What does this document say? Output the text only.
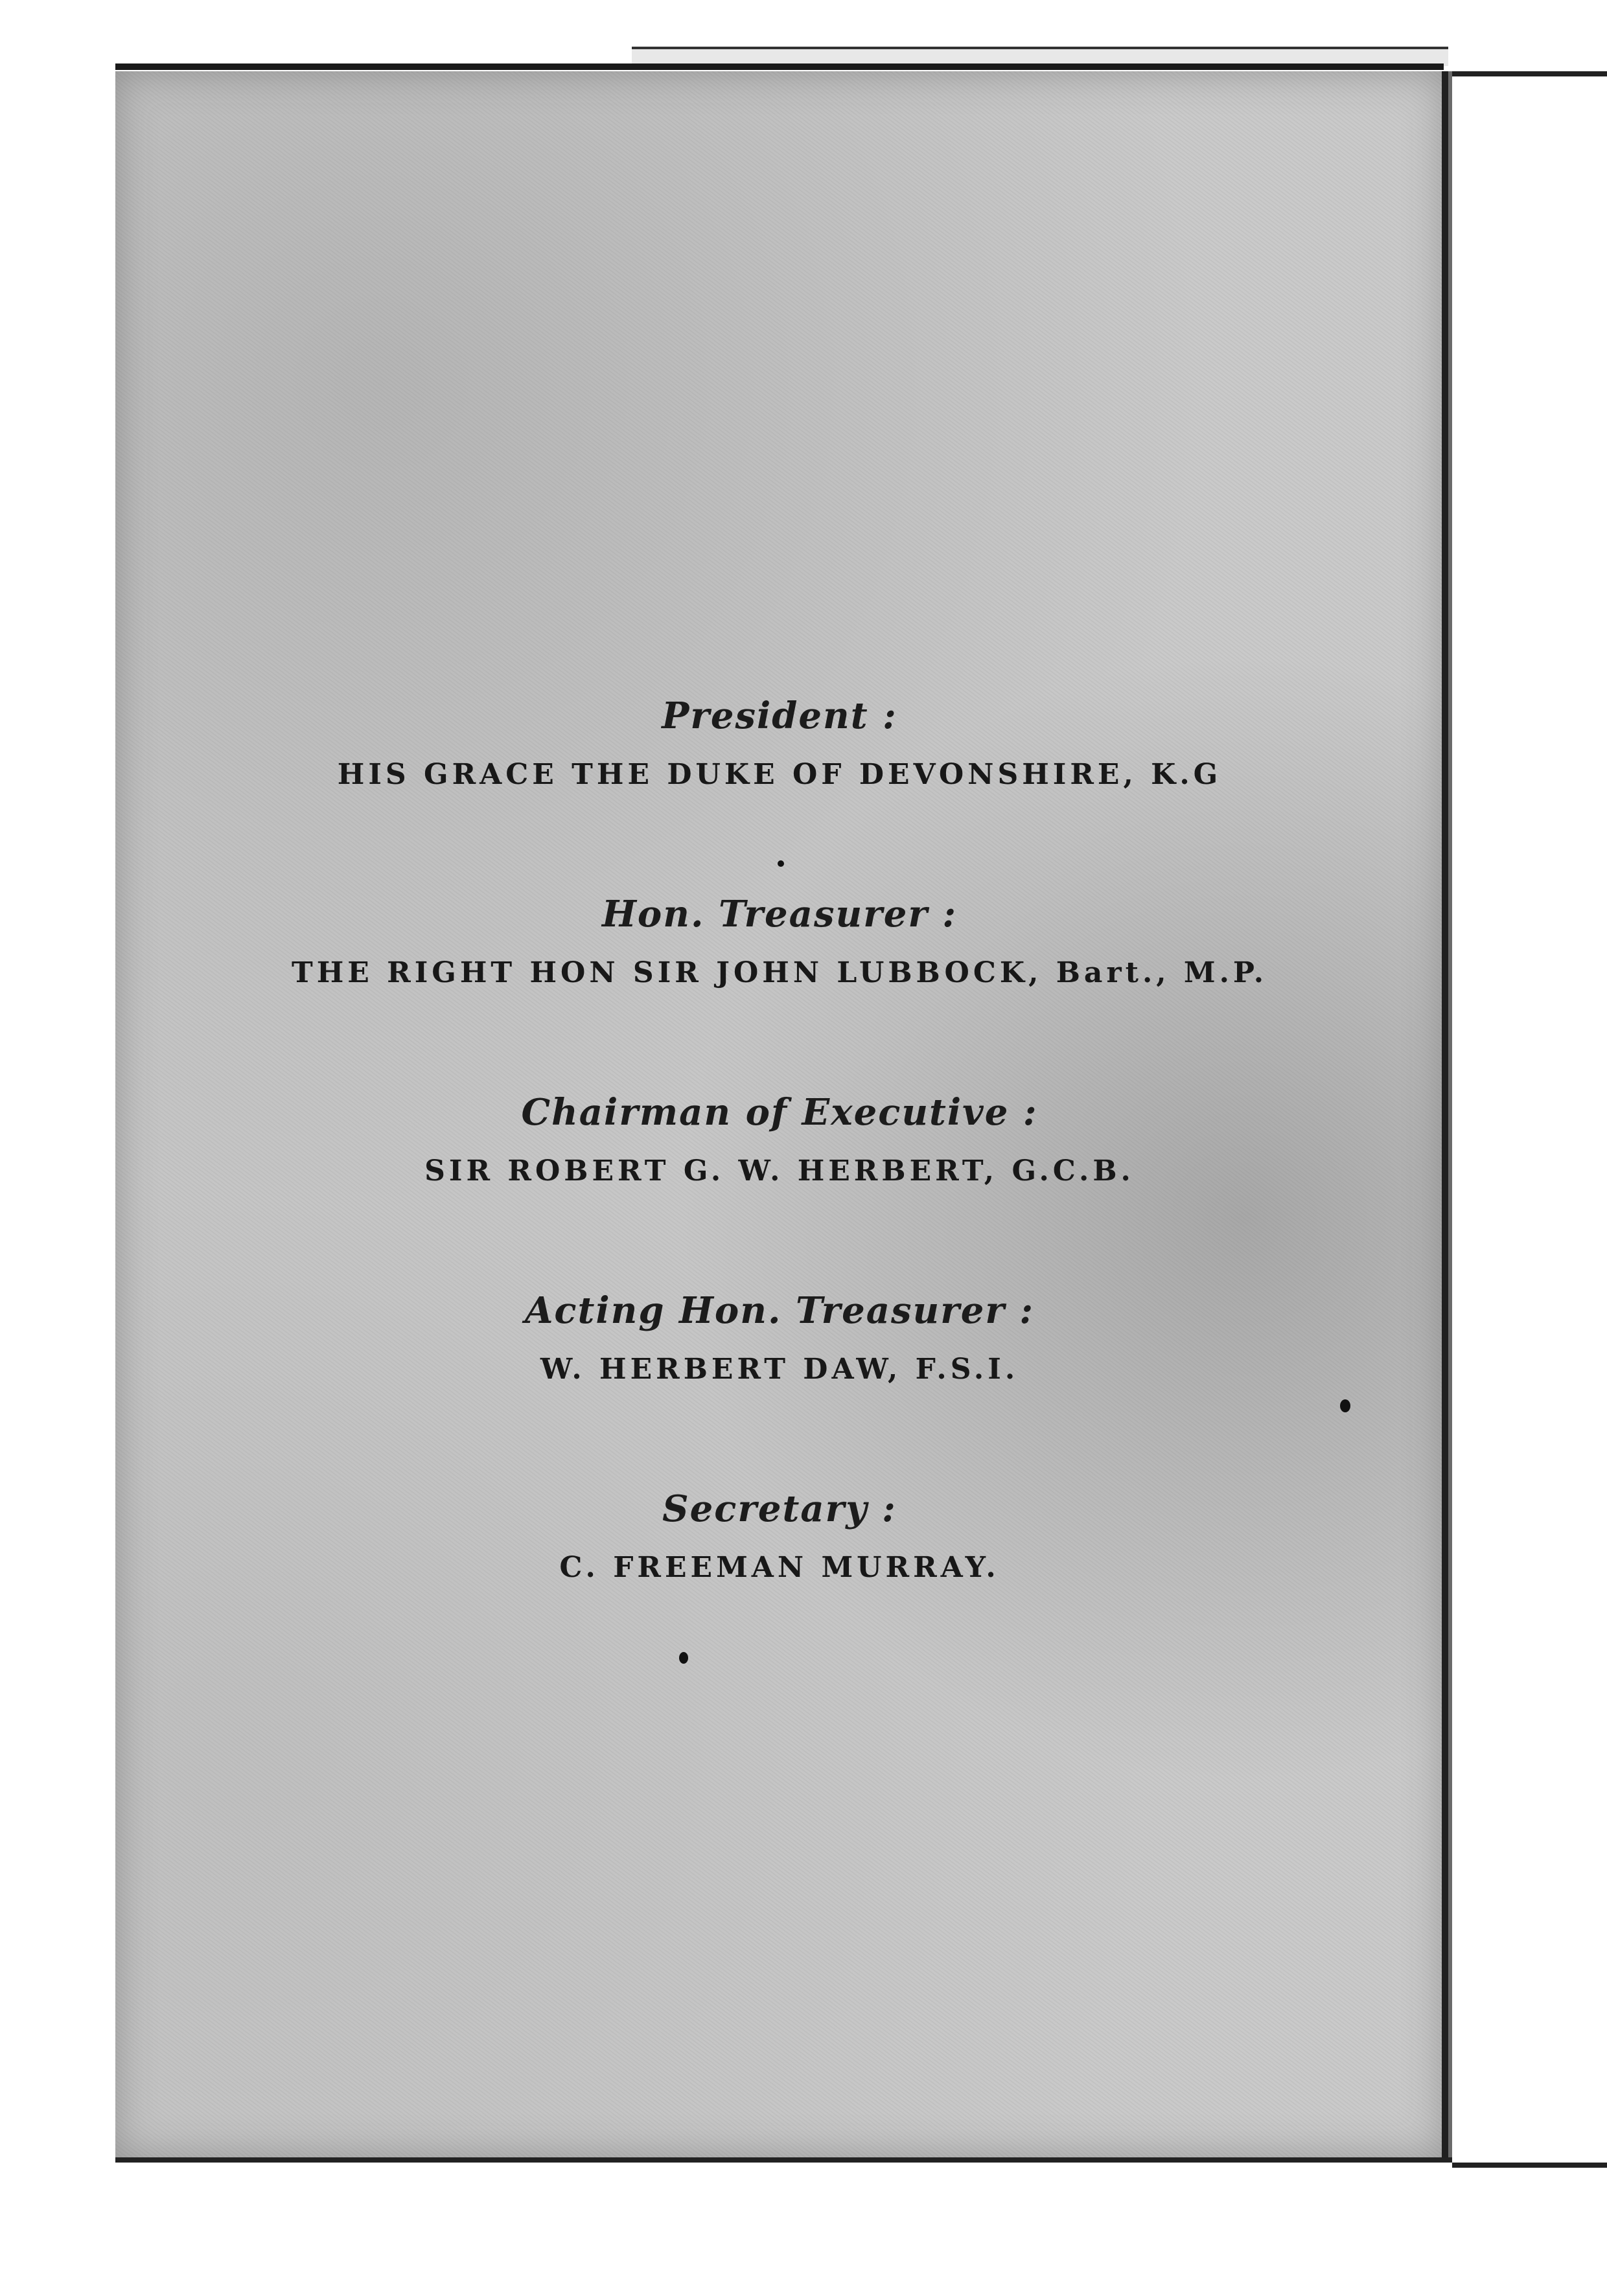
President :
HIS GRACE THE DUKE OF DEVONSHIRE, K.G
Hon. Treasurer :
THE RIGHT HON SIR JOHN LUBBOCK, Bart., M.P.
Chairman of Executive :
SIR ROBERT G. W. HERBERT, G.C.B.
Acting Hon. Treasurer :
W. HERBERT DAW, F.S.I.
Secretary :
C. FREEMAN MURRAY.
